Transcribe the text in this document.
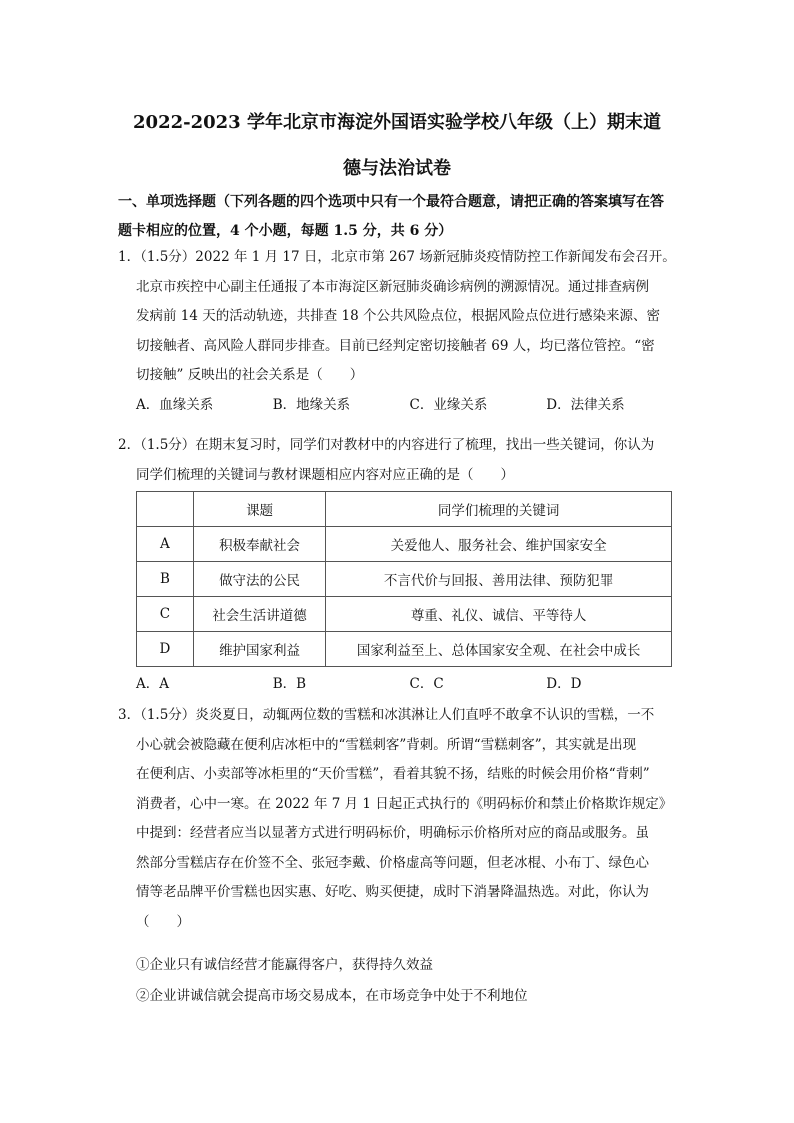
2022-2023 学年北京市海淀外国语实验学校八年级（上）期末道
德与法治试卷
一、单项选择题（下列各题的四个选项中只有一个最符合题意，请把正确的答案填写在答
题卡相应的位置，4 个小题，每题 1.5 分，共 6 分）
1．（1.5分）2022 年 1 月 17 日，北京市第 267 场新冠肺炎疫情防控工作新闻发布会召开。
北京市疾控中心副主任通报了本市海淀区新冠肺炎确诊病例的溯源情况。通过排查病例
发病前 14 天的活动轨迹，共排查 18 个公共风险点位，根据风险点位进行感染来源、密
切接触者、高风险人群同步排查。目前已经判定密切接触者 69 人，均已落位管控。“密
切接触” 反映出的社会关系是（　　）
A．血缘关系	B．地缘关系	C．业缘关系	D．法律关系
2．（1.5分）在期末复习时，同学们对教材中的内容进行了梳理，找出一些关键词，你认为
同学们梳理的关键词与教材课题相应内容对应正确的是（　　）
	课题	同学们梳理的关键词
A	积极奉献社会	关爱他人、服务社会、维护国家安全
B	做守法的公民	不言代价与回报、善用法律、预防犯罪
C	社会生活讲道德	尊重、礼仪、诚信、平等待人
D	维护国家利益	国家利益至上、总体国家安全观、在社会中成长
A．A	B．B	C．C	D．D
3．（1.5分）炎炎夏日，动辄两位数的雪糕和冰淇淋让人们直呼不敢拿不认识的雪糕，一不
小心就会被隐藏在便利店冰柜中的“雪糕刺客”背刺。所谓“雪糕刺客”，其实就是出现
在便利店、小卖部等冰柜里的“天价雪糕”，看着其貌不扬，结账的时候会用价格“背刺”
消费者，心中一寒。在 2022 年 7 月 1 日起正式执行的《明码标价和禁止价格欺诈规定》
中提到：经营者应当以显著方式进行明码标价，明确标示价格所对应的商品或服务。虽
然部分雪糕店存在价签不全、张冠李戴、价格虚高等问题，但老冰棍、小布丁、绿色心
情等老品牌平价雪糕也因实惠、好吃、购买便捷，成时下消暑降温热选。对此，你认为
（　　）
①企业只有诚信经营才能赢得客户，获得持久效益
②企业讲诚信就会提高市场交易成本，在市场竞争中处于不利地位
